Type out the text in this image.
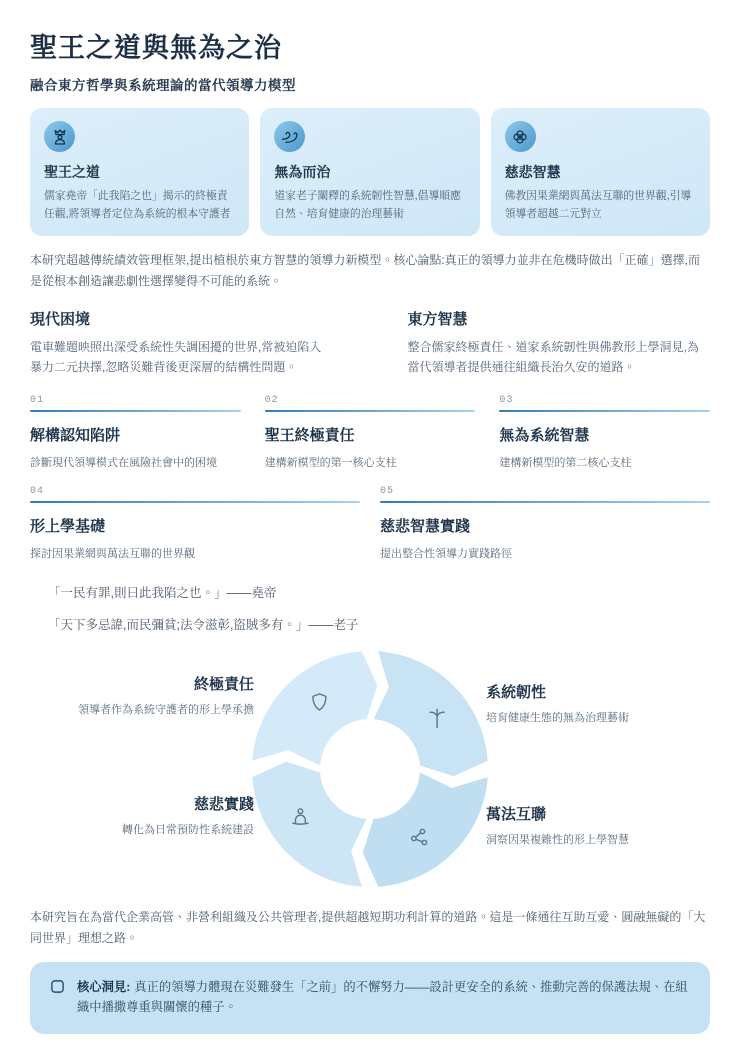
聖王之道與無為之治
融合東方哲學與系統理論的當代領導力模型
聖王之道
儒家堯帝「此我陷之也」揭示的終極責任觀,將領導者定位為系統的根本守護者
無為而治
道家老子闡釋的系統韌性智慧,倡導順應自然、培育健康的治理藝術
慈悲智慧
佛教因果業網與萬法互聯的世界觀,引導領導者超越二元對立

本研究超越傳統績效管理框架,提出植根於東方智慧的領導力新模型。核心論點:真正的領導力並非在危機時做出「正確」選擇,而是從根本創造讓悲劇性選擇變得不可能的系統。

現代困境
電車難題映照出深受系統性失調困擾的世界,常被迫陷入暴力二元抉擇,忽略災難背後更深層的結構性問題。
東方智慧
整合儒家終極責任、道家系統韌性與佛教形上學洞見,為當代領導者提供通往組織長治久安的道路。
01
解構認知陷阱
診斷現代領導模式在風險社會中的困境
02
聖王終極責任
建構新模型的第一核心支柱
03
無為系統智慧
建構新模型的第二核心支柱
04
形上學基礎
探討因果業網與萬法互聯的世界觀
05
慈悲智慧實踐
提出整合性領導力實踐路徑
「一民有罪,則曰此我陷之也。」——堯帝
「天下多忌諱,而民彌貧;法令滋彰,盜賊多有。」——老子
終極責任
領導者作為系統守護者的形上學承擔
系統韌性
培育健康生態的無為治理藝術
慈悲實踐
轉化為日常預防性系統建設
萬法互聯
洞察因果複雜性的形上學智慧

本研究旨在為當代企業高管、非營利組織及公共管理者,提供超越短期功利計算的道路。這是一條通往互助互愛、圓融無礙的「大同世界」理想之路。

核心洞見: 真正的領導力體現在災難發生「之前」的不懈努力——設計更安全的系統、推動完善的保護法規、在組織中播撒尊重與關懷的種子。
